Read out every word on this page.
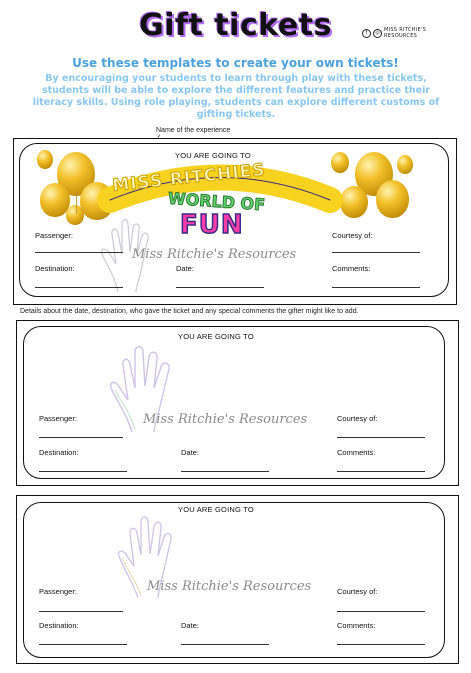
Gift tickets	f	◎ MISS RITCHIE'S RESOURCES
Use these templates to create your own tickets!
By encouraging your students to learn through play with these tickets, students will be able to explore the different features and practice their literacy skills. Using role playing, students can explore different customs of gifting tickets.
Name of the experience
YOU ARE GOING TO
MISS RITCHIES
WORLD OF
FUN
Miss Ritchie's Resources
Passenger:
Destination:	Date:
Courtesy of:
Comments:
Details about the date, destination, who gave the ticket and any special comments the gifter might like to add.
YOU ARE GOING TO
Miss Ritchie's Resources
Passenger:
Destination:	Date:
Courtesy of:
Comments:
YOU ARE GOING TO
Miss Ritchie's Resources
Passenger:
Destination:	Date:
Courtesy of:
Comments:
